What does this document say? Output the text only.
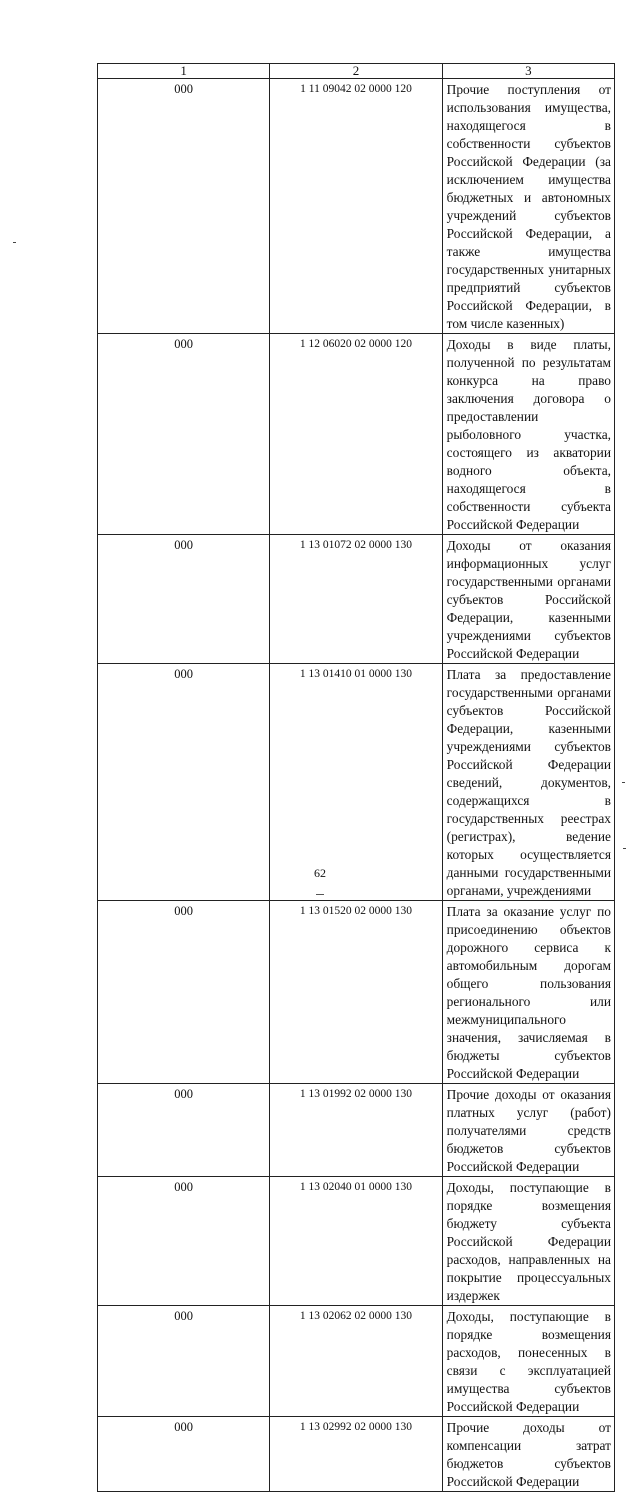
1	2	3
000	1 11 09042 02 0000 120	Прочие поступления от использования имущества, находящегося в собственности субъектов Российской Федерации (за исключением имущества бюджетных и автономных учреждений субъектов Российской Федерации, а также имущества государственных унитарных предприятий субъектов Российской Федерации, в том числе казенных)
000	1 12 06020 02 0000 120	Доходы в виде платы, полученной по результатам конкурса на право заключения договора о предоставлении рыболовного участка, состоящего из акватории водного объекта, находящегося в собственности субъекта Российской Федерации
000	1 13 01072 02 0000 130	Доходы от оказания информационных услуг государственными органами субъектов Российской Федерации, казенными учреждениями субъектов Российской Федерации
000	1 13 01410 01 0000 130	Плата за предоставление государственными органами субъектов Российской Федерации, казенными учреждениями субъектов Российской Федерации сведений, документов, содержащихся в государственных реестрах (регистрах), ведение которых осуществляется данными государственными органами, учреждениями
000	1 13 01520 02 0000 130	Плата за оказание услуг по присоединению объектов дорожного сервиса к автомобильным дорогам общего пользования регионального или межмуниципального значения, зачисляемая в бюджеты субъектов Российской Федерации
000	1 13 01992 02 0000 130	Прочие доходы от оказания платных услуг (работ) получателями средств бюджетов субъектов Российской Федерации
000	1 13 02040 01 0000 130	Доходы, поступающие в порядке возмещения бюджету субъекта Российской Федерации расходов, направленных на покрытие процессуальных издержек
000	1 13 02062 02 0000 130	Доходы, поступающие в порядке возмещения расходов, понесенных в связи с эксплуатацией имущества субъектов Российской Федерации
000	1 13 02992 02 0000 130	Прочие доходы от компенсации затрат бюджетов субъектов Российской Федерации
62
